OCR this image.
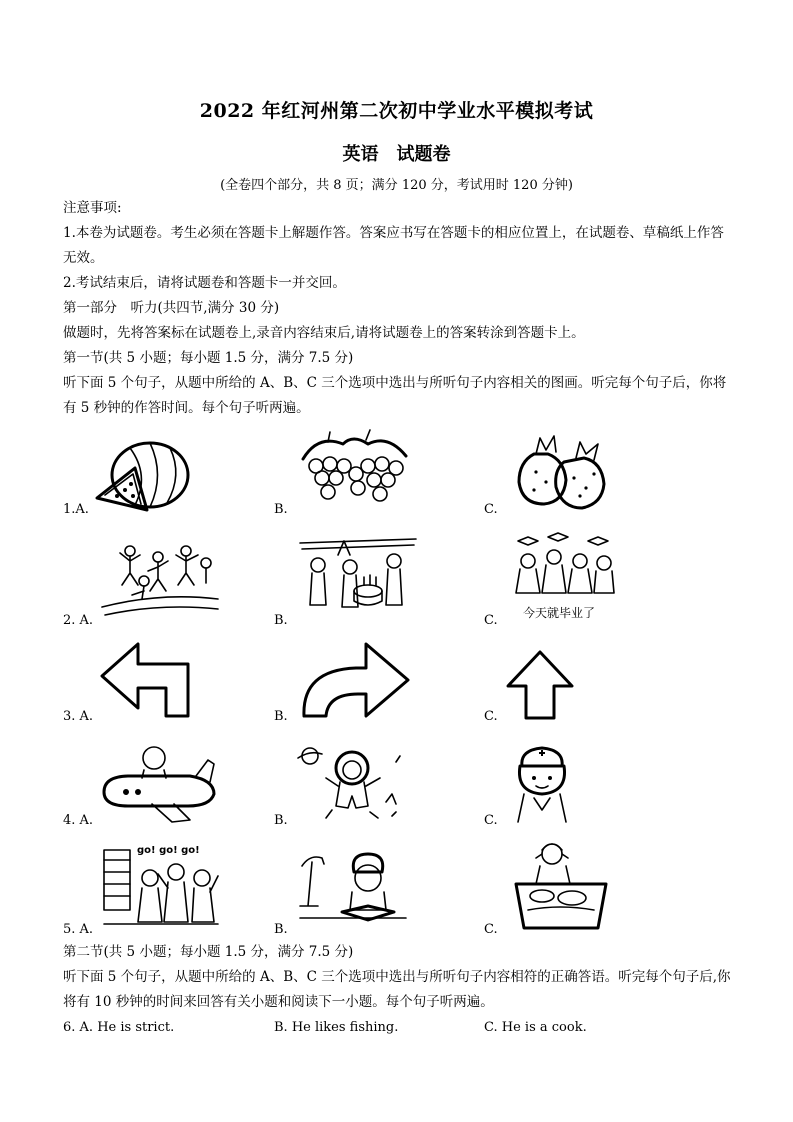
2022 年红河州第二次初中学业水平模拟考试
英语　试题卷
(全卷四个部分，共 8 页；满分 120 分，考试用时 120 分钟)
注意事项:
1.本卷为试题卷。考生必须在答题卡上解题作答。答案应书写在答题卡的相应位置上，在试题卷、草稿纸上作答无效。
2.考试结束后，请将试题卷和答题卡一并交回。
第一部分　听力(共四节,满分 30 分)
做题时，先将答案标在试题卷上,录音内容结束后,请将试题卷上的答案转涂到答题卡上。
第一节(共 5 小题；每小题 1.5 分，满分 7.5 分)
听下面 5 个句子，从题中所给的 A、B、C 三个选项中选出与所听句子内容相关的图画。听完每个句子后，你将有 5 秒钟的作答时间。每个句子听两遍。
1.A.	B.	C.
2. A.	B.	C. 今天就毕业了
3. A.	B.	C.
4. A.	B.	C.
5. A.	B.	C.
go! go! go!
第二节(共 5 小题；每小题 1.5 分，满分 7.5 分)
听下面 5 个句子，从题中所给的 A、B、C 三个选项中选出与所听句子内容相符的正确答语。听完每个句子后,你将有 10 秒钟的时间来回答有关小题和阅读下一小题。每个句子听两遍。
6. A. He is strict.	B. He likes fishing.	C. He is a cook.
